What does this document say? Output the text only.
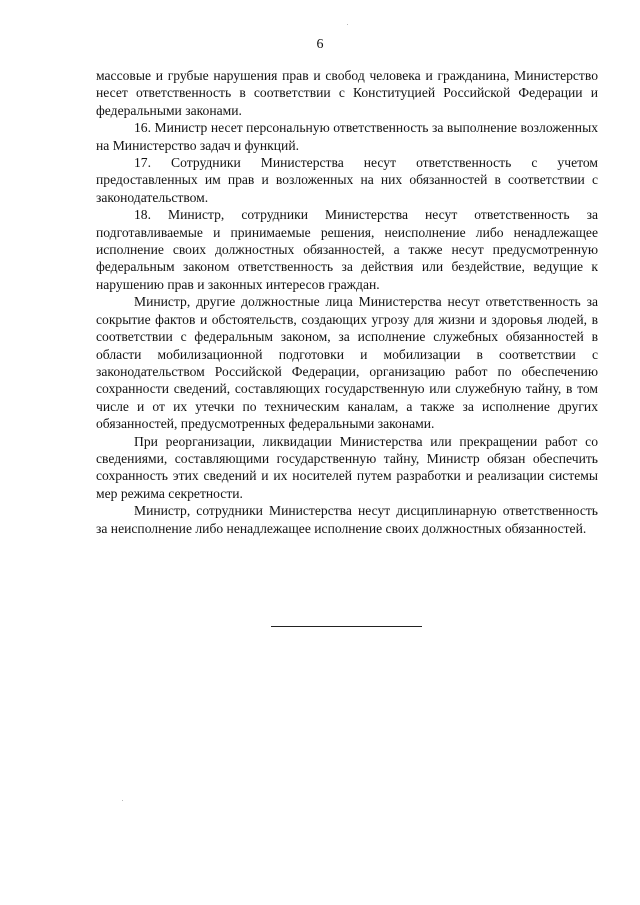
6

массовые и грубые нарушения прав и свобод человека и гражданина, Министерство несет ответственность в соответствии с Конституцией Российской Федерации и федеральными законами.

16. Министр несет персональную ответственность за выполнение возложенных на Министерство задач и функций.

17. Сотрудники Министерства несут ответственность с учетом предоставленных им прав и возложенных на них обязанностей в соответствии с законодательством.

18. Министр, сотрудники Министерства несут ответственность за подготавливаемые и принимаемые решения, неисполнение либо ненадлежащее исполнение своих должностных обязанностей, а также несут предусмотренную федеральным законом ответственность за действия или бездействие, ведущие к нарушению прав и законных интересов граждан.

Министр, другие должностные лица Министерства несут ответственность за сокрытие фактов и обстоятельств, создающих угрозу для жизни и здоровья людей, в соответствии с федеральным законом, за исполнение служебных обязанностей в области мобилизационной подготовки и мобилизации в соответствии с законодательством Российской Федерации, организацию работ по обеспечению сохранности сведений, составляющих государственную или служебную тайну, в том числе и от их утечки по техническим каналам, а также за исполнение других обязанностей, предусмотренных федеральными законами.

При реорганизации, ликвидации Министерства или прекращении работ со сведениями, составляющими государственную тайну, Министр обязан обеспечить сохранность этих сведений и их носителей путем разработки и реализации системы мер режима секретности.

Министр, сотрудники Министерства несут дисциплинарную ответственность за неисполнение либо ненадлежащее исполнение своих должностных обязанностей.
